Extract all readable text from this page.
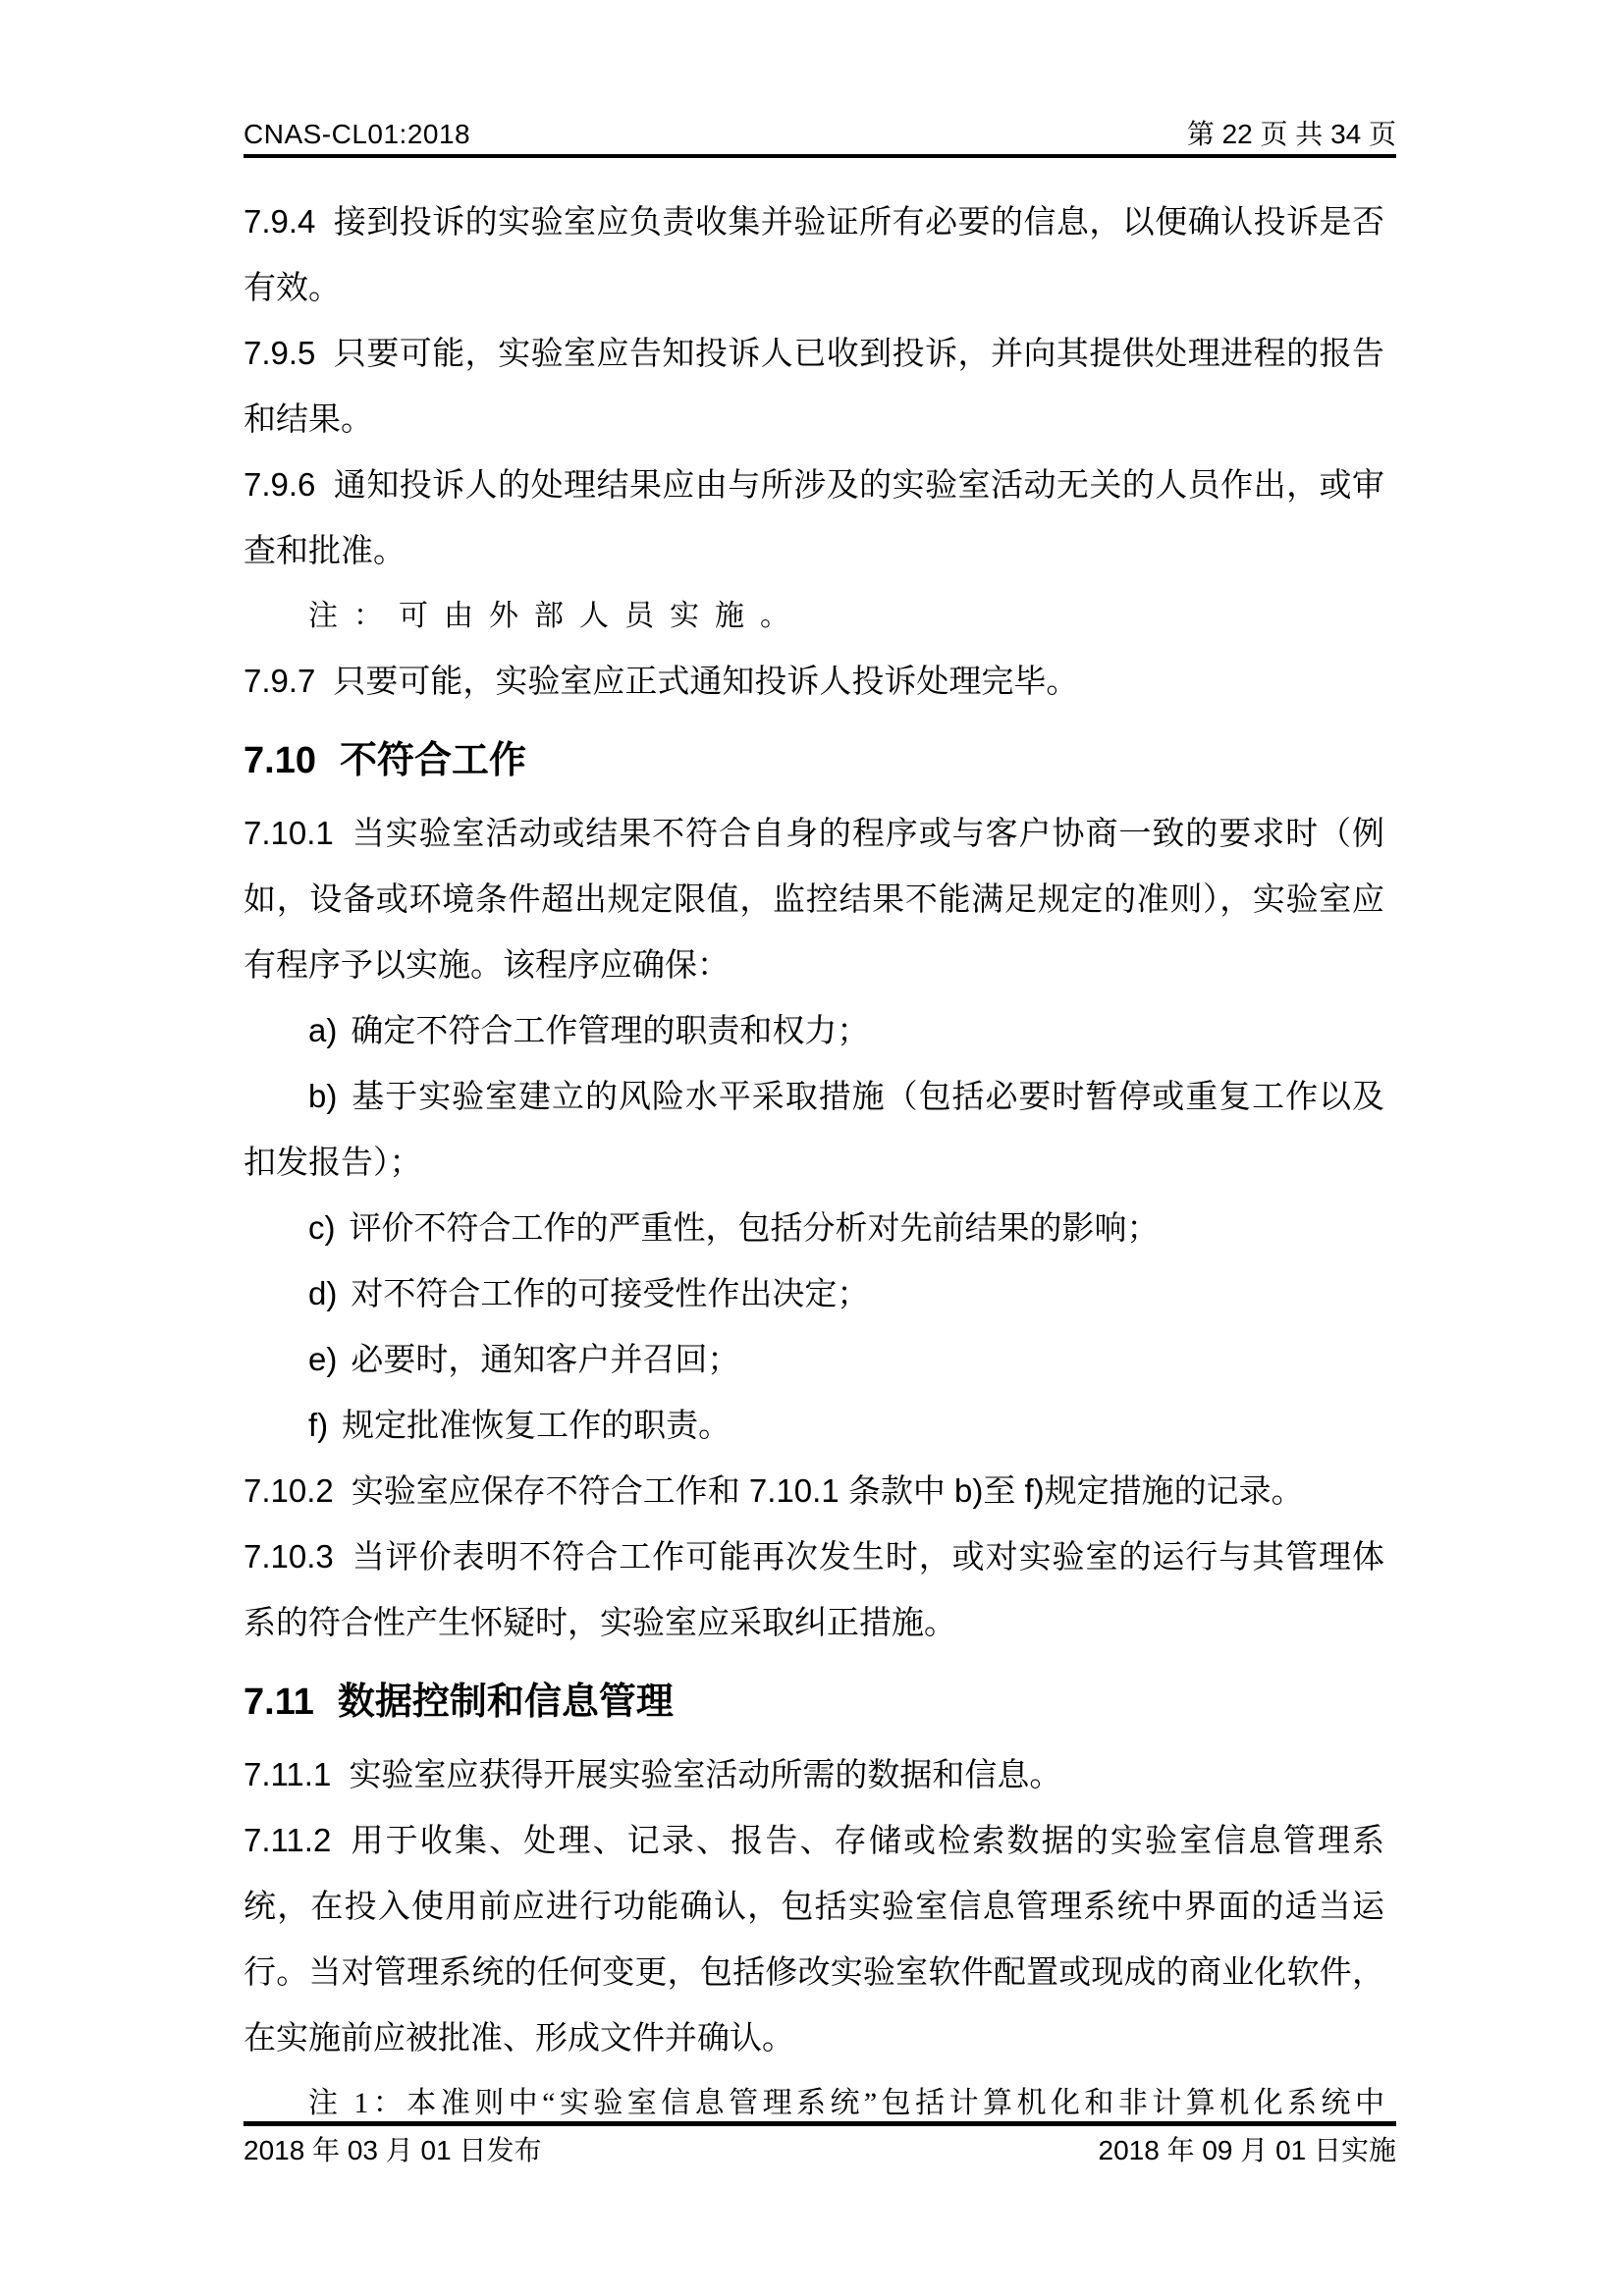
CNAS-CL01:2018	第 22 页 共 34 页

7.9.4 接到投诉的实验室应负责收集并验证所有必要的信息，以便确认投诉是否有效。

7.9.5 只要可能，实验室应告知投诉人已收到投诉，并向其提供处理进程的报告和结果。

7.9.6 通知投诉人的处理结果应由与所涉及的实验室活动无关的人员作出，或审查和批准。

注：可由外部人员实施。

7.9.7 只要可能，实验室应正式通知投诉人投诉处理完毕。

7.10 不符合工作

7.10.1 当实验室活动或结果不符合自身的程序或与客户协商一致的要求时（例如，设备或环境条件超出规定限值，监控结果不能满足规定的准则），实验室应有程序予以实施。该程序应确保：

a) 确定不符合工作管理的职责和权力；

b) 基于实验室建立的风险水平采取措施（包括必要时暂停或重复工作以及扣发报告）；

c) 评价不符合工作的严重性，包括分析对先前结果的影响；

d) 对不符合工作的可接受性作出决定；

e) 必要时，通知客户并召回；

f) 规定批准恢复工作的职责。

7.10.2 实验室应保存不符合工作和 7.10.1 条款中 b)至 f)规定措施的记录。

7.10.3 当评价表明不符合工作可能再次发生时，或对实验室的运行与其管理体系的符合性产生怀疑时，实验室应采取纠正措施。

7.11 数据控制和信息管理

7.11.1 实验室应获得开展实验室活动所需的数据和信息。

7.11.2 用于收集、处理、记录、报告、存储或检索数据的实验室信息管理系统，在投入使用前应进行功能确认，包括实验室信息管理系统中界面的适当运行。当对管理系统的任何变更，包括修改实验室软件配置或现成的商业化软件，在实施前应被批准、形成文件并确认。

注 1：本准则中“实验室信息管理系统”包括计算机化和非计算机化系统中

2018 年 03 月 01 日发布	2018 年 09 月 01 日实施
